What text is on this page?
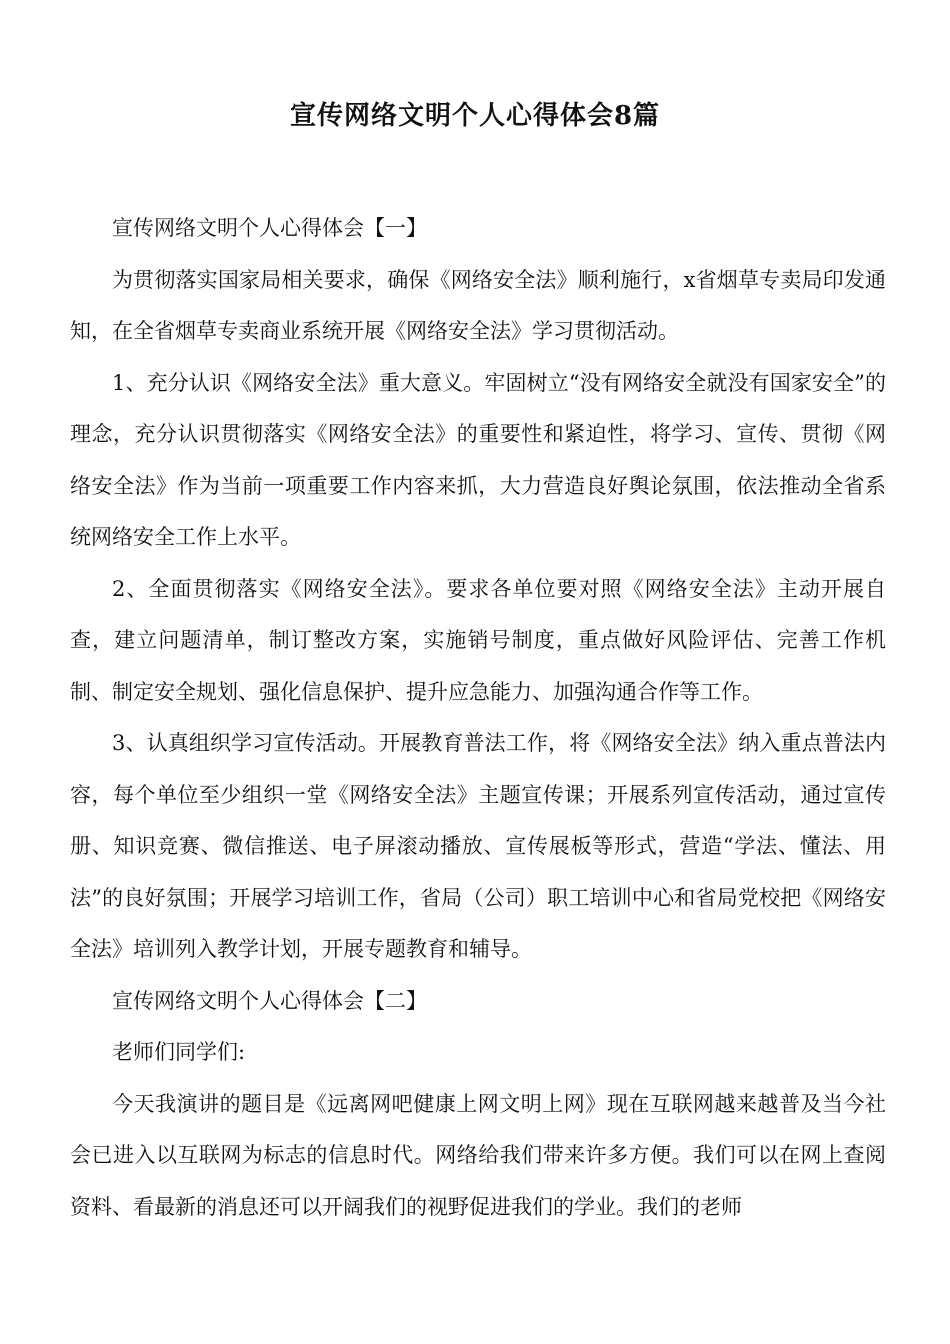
宣传网络文明个人心得体会8篇

宣传网络文明个人心得体会【一】

为贯彻落实国家局相关要求，确保《网络安全法》顺利施行，x省烟草专卖局印发通知，在全省烟草专卖商业系统开展《网络安全法》学习贯彻活动。

1、充分认识《网络安全法》重大意义。牢固树立“没有网络安全就没有国家安全”的理念，充分认识贯彻落实《网络安全法》的重要性和紧迫性，将学习、宣传、贯彻《网络安全法》作为当前一项重要工作内容来抓，大力营造良好舆论氛围，依法推动全省系统网络安全工作上水平。

2、全面贯彻落实《网络安全法》。要求各单位要对照《网络安全法》主动开展自查，建立问题清单，制订整改方案，实施销号制度，重点做好风险评估、完善工作机制、制定安全规划、强化信息保护、提升应急能力、加强沟通合作等工作。

3、认真组织学习宣传活动。开展教育普法工作，将《网络安全法》纳入重点普法内容，每个单位至少组织一堂《网络安全法》主题宣传课；开展系列宣传活动，通过宣传册、知识竞赛、微信推送、电子屏滚动播放、宣传展板等形式，营造“学法、懂法、用法”的良好氛围；开展学习培训工作，省局（公司）职工培训中心和省局党校把《网络安全法》培训列入教学计划，开展专题教育和辅导。

宣传网络文明个人心得体会【二】

老师们同学们:

今天我演讲的题目是《远离网吧健康上网文明上网》现在互联网越来越普及当今社会已进入以互联网为标志的信息时代。网络给我们带来许多方便。我们可以在网上查阅资料、看最新的消息还可以开阔我们的视野促进我们的学业。我们的老师
